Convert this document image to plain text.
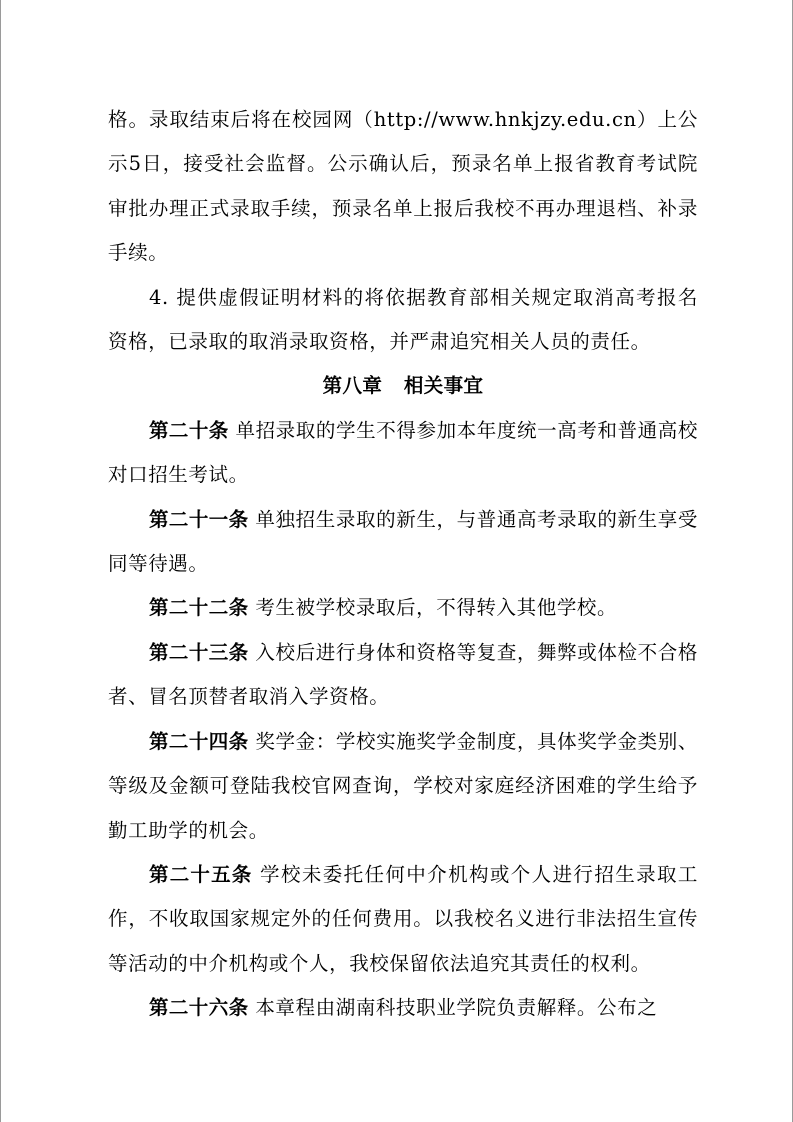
格。录取结束后将在校园网（http://www.hnkjzy.edu.cn）上公示5日，接受社会监督。公示确认后，预录名单上报省教育考试院审批办理正式录取手续，预录名单上报后我校不再办理退档、补录手续。

4. 提供虚假证明材料的将依据教育部相关规定取消高考报名资格，已录取的取消录取资格，并严肃追究相关人员的责任。

第八章   相关事宜

第二十条 单招录取的学生不得参加本年度统一高考和普通高校对口招生考试。

第二十一条 单独招生录取的新生，与普通高考录取的新生享受同等待遇。

第二十二条 考生被学校录取后，不得转入其他学校。

第二十三条 入校后进行身体和资格等复查，舞弊或体检不合格者、冒名顶替者取消入学资格。

第二十四条 奖学金：学校实施奖学金制度，具体奖学金类别、等级及金额可登陆我校官网查询，学校对家庭经济困难的学生给予勤工助学的机会。

第二十五条 学校未委托任何中介机构或个人进行招生录取工作，不收取国家规定外的任何费用。以我校名义进行非法招生宣传等活动的中介机构或个人，我校保留依法追究其责任的权利。

第二十六条 本章程由湖南科技职业学院负责解释。公布之
